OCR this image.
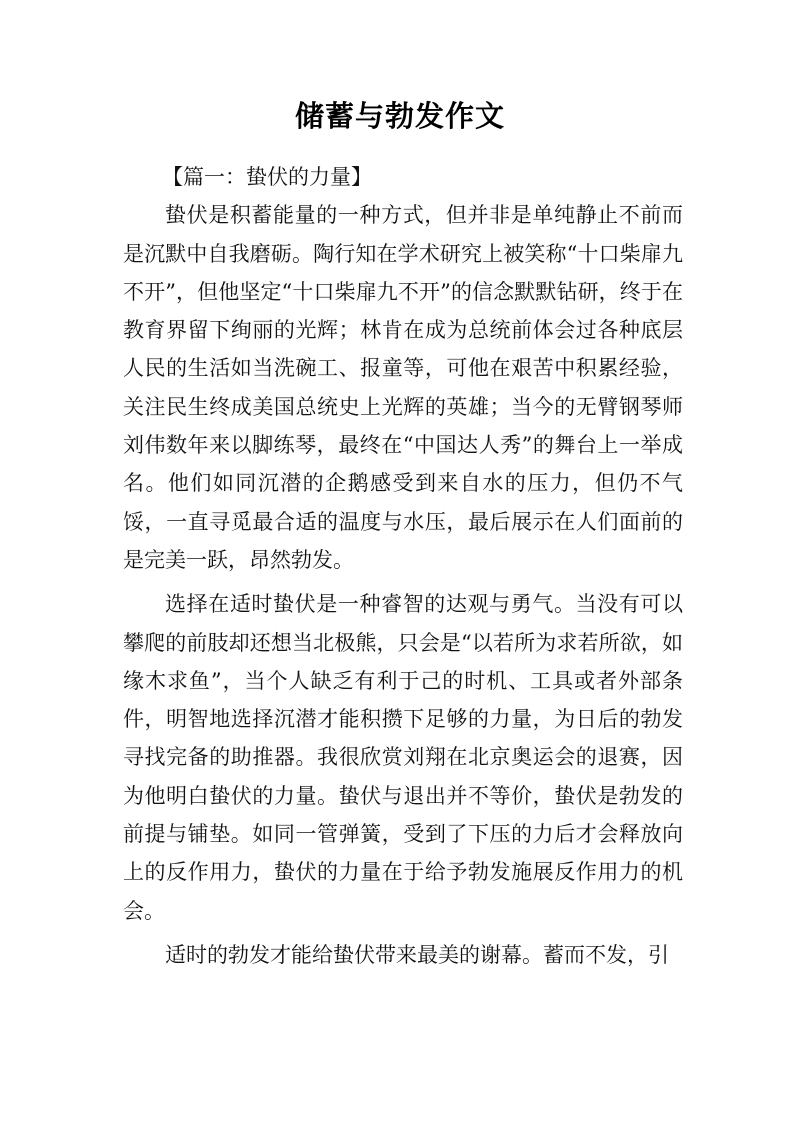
储蓄与勃发作文

【篇一：蛰伏的力量】

蛰伏是积蓄能量的一种方式，但并非是单纯静止不前而是沉默中自我磨砺。陶行知在学术研究上被笑称“十口柴扉九不开”，但他坚定“十口柴扉九不开”的信念默默钻研，终于在教育界留下绚丽的光辉；林肯在成为总统前体会过各种底层人民的生活如当洗碗工、报童等，可他在艰苦中积累经验，关注民生终成美国总统史上光辉的英雄；当今的无臂钢琴师刘伟数年来以脚练琴，最终在“中国达人秀”的舞台上一举成名。他们如同沉潜的企鹅感受到来自水的压力，但仍不气馁，一直寻觅最合适的温度与水压，最后展示在人们面前的是完美一跃，昂然勃发。

选择在适时蛰伏是一种睿智的达观与勇气。当没有可以攀爬的前肢却还想当北极熊，只会是“以若所为求若所欲，如缘木求鱼”，当个人缺乏有利于己的时机、工具或者外部条件，明智地选择沉潜才能积攒下足够的力量，为日后的勃发寻找完备的助推器。我很欣赏刘翔在北京奥运会的退赛，因为他明白蛰伏的力量。蛰伏与退出并不等价，蛰伏是勃发的前提与铺垫。如同一管弹簧，受到了下压的力后才会释放向上的反作用力，蛰伏的力量在于给予勃发施展反作用力的机会。

适时的勃发才能给蛰伏带来最美的谢幕。蓄而不发，引
